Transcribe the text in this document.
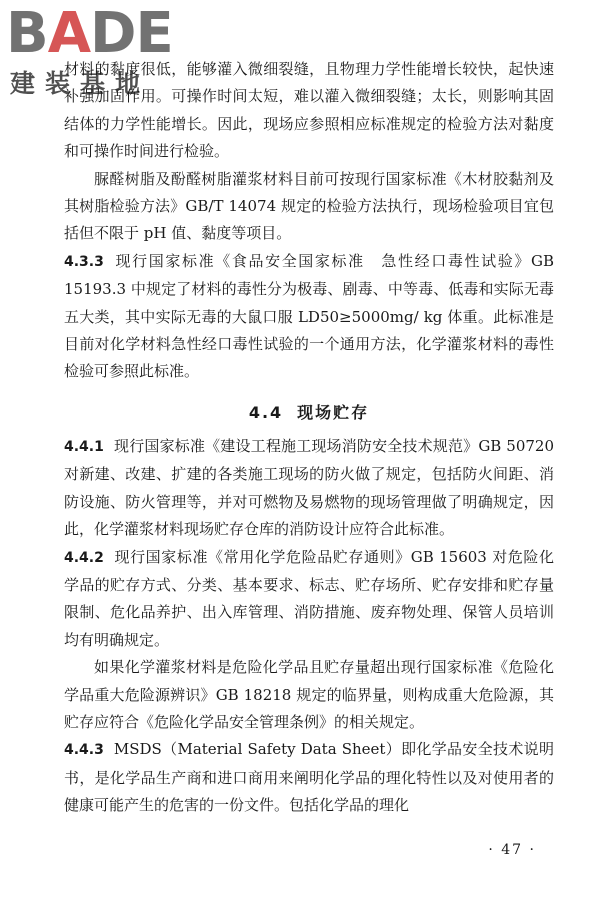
BADE
建装基地

材料的黏度很低，能够灌入微细裂缝，且物理力学性能增长较快，起快速补强加固作用。可操作时间太短，难以灌入微细裂缝；太长，则影响其固结体的力学性能增长。因此，现场应参照相应标准规定的检验方法对黏度和可操作时间进行检验。

脲醛树脂及酚醛树脂灌浆材料目前可按现行国家标准《木材胶黏剂及其树脂检验方法》GB/T 14074 规定的检验方法执行，现场检验项目宜包括但不限于 pH 值、黏度等项目。

4.3.3 现行国家标准《食品安全国家标准　急性经口毒性试验》GB 15193.3 中规定了材料的毒性分为极毒、剧毒、中等毒、低毒和实际无毒五大类，其中实际无毒的大鼠口服 LD50≥5000mg/ kg 体重。此标准是目前对化学材料急性经口毒性试验的一个通用方法，化学灌浆材料的毒性检验可参照此标准。

4.4 现场贮存

4.4.1 现行国家标准《建设工程施工现场消防安全技术规范》GB 50720 对新建、改建、扩建的各类施工现场的防火做了规定，包括防火间距、消防设施、防火管理等，并对可燃物及易燃物的现场管理做了明确规定，因此，化学灌浆材料现场贮存仓库的消防设计应符合此标准。

4.4.2 现行国家标准《常用化学危险品贮存通则》GB 15603 对危险化学品的贮存方式、分类、基本要求、标志、贮存场所、贮存安排和贮存量限制、危化品养护、出入库管理、消防措施、废弃物处理、保管人员培训均有明确规定。

如果化学灌浆材料是危险化学品且贮存量超出现行国家标准《危险化学品重大危险源辨识》GB 18218 规定的临界量，则构成重大危险源，其贮存应符合《危险化学品安全管理条例》的相关规定。

4.4.3 MSDS（Material Safety Data Sheet）即化学品安全技术说明书，是化学品生产商和进口商用来阐明化学品的理化特性以及对使用者的健康可能产生的危害的一份文件。包括化学品的理化

· 47 ·
